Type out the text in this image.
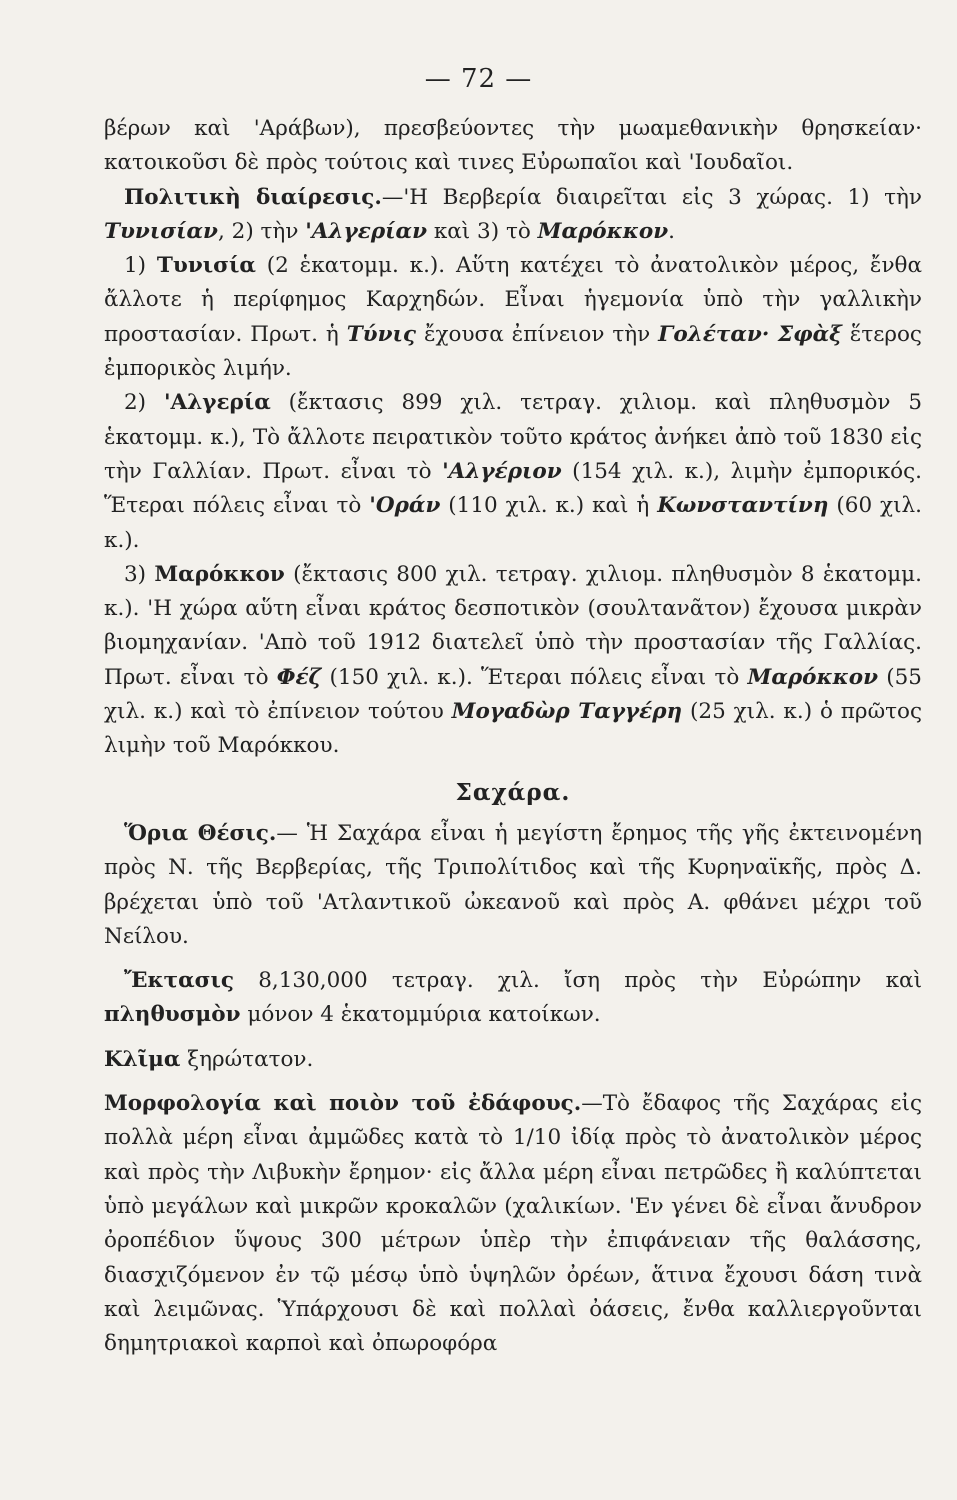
— 72 —

βέρων καὶ 'Αράβων), πρεσβεύοντες τὴν μωαμεθανικὴν θρησκείαν· κατοικοῦσι δὲ πρὸς τούτοις καὶ τινες Εὐρωπαῖοι καὶ 'Ιουδαῖοι.

Πολιτικὴ διαίρεσις.—'Η Βερβερία διαιρεῖται εἰς 3 χώρας. 1) τὴν Τυνισίαν, 2) τὴν 'Αλγερίαν καὶ 3) τὸ Μαρόκκον.

1) Τυνισία (2 ἑκατομμ. κ.). Αὕτη κατέχει τὸ ἀνατολικὸν μέρος, ἔνθα ἄλλοτε ἡ περίφημος Καρχηδών. Εἶναι ἡγεμονία ὑπὸ τὴν γαλλικὴν προστασίαν. Πρωτ. ἡ Τύνις ἔχουσα ἐπίνειον τὴν Γολέταν· Σφὰξ ἕτερος ἐμπορικὸς λιμήν.

2) 'Αλγερία (ἔκτασις 899 χιλ. τετραγ. χιλιομ. καὶ πληθυσμὸν 5 ἑκατομμ. κ.), Τὸ ἄλλοτε πειρατικὸν τοῦτο κράτος ἀνήκει ἀπὸ τοῦ 1830 εἰς τὴν Γαλλίαν. Πρωτ. εἶναι τὸ 'Αλγέριον (154 χιλ. κ.), λιμὴν ἐμπορικός. Ἕτεραι πόλεις εἶναι τὸ 'Οράν (110 χιλ. κ.) καὶ ἡ Κωνσταντίνη (60 χιλ. κ.).

3) Μαρόκκον (ἔκτασις 800 χιλ. τετραγ. χιλιομ. πληθυσμὸν 8 ἑκατομμ. κ.). 'Η χώρα αὕτη εἶναι κράτος δεσποτικὸν (σουλτανᾶτον) ἔχουσα μικρὰν βιομηχανίαν. 'Απὸ τοῦ 1912 διατελεῖ ὑπὸ τὴν προστασίαν τῆς Γαλλίας. Πρωτ. εἶναι τὸ Φέζ (150 χιλ. κ.). Ἕτεραι πόλεις εἶναι τὸ Μαρόκκον (55 χιλ. κ.) καὶ τὸ ἐπίνειον τούτου Μογαδὼρ Ταγγέρη (25 χιλ. κ.) ὁ πρῶτος λιμὴν τοῦ Μαρόκκου.

Σαχάρα.

Ὅρια Θέσις.— Ἡ Σαχάρα εἶναι ἡ μεγίστη ἔρημος τῆς γῆς ἐκτεινομένη πρὸς Ν. τῆς Βερβερίας, τῆς Τριπολίτιδος καὶ τῆς Κυρηναϊκῆς, πρὸς Δ. βρέχεται ὑπὸ τοῦ 'Ατλαντικοῦ ὠκεανοῦ καὶ πρὸς Α. φθάνει μέχρι τοῦ Νείλου.

Ἔκτασις 8,130,000 τετραγ. χιλ. ἴση πρὸς τὴν Εὐρώπην καὶ πληθυσμὸν μόνον 4 ἑκατομμύρια κατοίκων.

Κλῖμα ξηρώτατον.

Μορφολογία καὶ ποιὸν τοῦ ἐδάφους.—Τὸ ἔδαφος τῆς Σαχάρας εἰς πολλὰ μέρη εἶναι ἀμμῶδες κατὰ τὸ 1/10 ἰδίᾳ πρὸς τὸ ἀνατολικὸν μέρος καὶ πρὸς τὴν Λιβυκὴν ἔρημον· εἰς ἄλλα μέρη εἶναι πετρῶδες ἢ καλύπτεται ὑπὸ μεγάλων καὶ μικρῶν κροκαλῶν (χαλικίων. 'Εν γένει δὲ εἶναι ἄνυδρον ὀροπέδιον ὕψους 300 μέτρων ὑπὲρ τὴν ἐπιφάνειαν τῆς θαλάσσης, διασχιζόμενον ἐν τῷ μέσῳ ὑπὸ ὑψηλῶν ὀρέων, ἅτινα ἔχουσι δάση τινὰ καὶ λειμῶνας. Ὑπάρχουσι δὲ καὶ πολλαὶ ὀάσεις, ἔνθα καλλιεργοῦνται δημητριακοὶ καρποὶ καὶ ὀπωροφόρα
